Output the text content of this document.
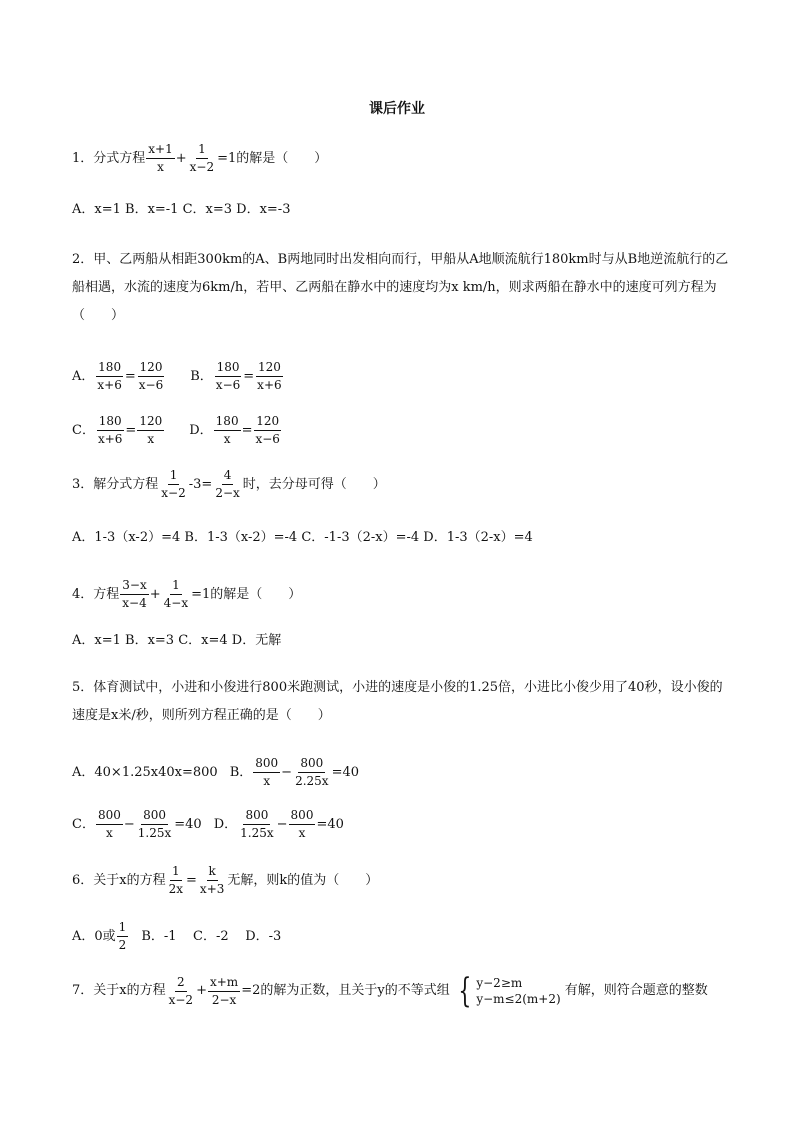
课后作业
1．分式方程 $\frac{x+1}{x} + \frac{1}{x-2} =1$的解是（　　）
A．x=1 B．x=-1 C．x=3 D．x=-3
2．甲、乙两船从相距300km的A、B两地同时出发相向而行，甲船从A地顺流航行180km时与从B地逆流航行的乙船相遇，水流的速度为6km/h，若甲、乙两船在静水中的速度均为x km/h，则求两船在静水中的速度可列方程为（　　）
A． $\frac{180}{x+6} = \frac{120}{x-6}$ B． $\frac{180}{x-6} = \frac{120}{x+6}$
C． $\frac{180}{x+6} = \frac{120}{x}$ D． $\frac{180}{x} = \frac{120}{x-6}$
3．解分式方程 $\frac{1}{x-2} -3= \frac{4}{2-x}$ 时，去分母可得（　　）
A．1-3（x-2）=4 B．1-3（x-2）=-4 C．-1-3（2-x）=-4 D．1-3（2-x）=4
4．方程 $\frac{3-x}{x-4} + \frac{1}{4-x} =1$的解是（　　）
A．x=1 B．x=3 C．x=4 D．无解
5．体育测试中，小进和小俊进行800米跑测试，小进的速度是小俊的1.25倍，小进比小俊少用了40秒，设小俊的速度是x米/秒，则所列方程正确的是（　　）
A．40×1.25x40x=800 B． $\frac{800}{x} - \frac{800}{2.25x} =40$
C． $\frac{800}{x} - \frac{800}{1.25x} =40$ D． $\frac{800}{1.25x} - \frac{800}{x} =40$
6．关于x的方程 $\frac{1}{2x} = \frac{k}{x+3}$ 无解，则k的值为（　　）
A．0或 $\frac{1}{2}$ B．-1    C．-2    D．-3
7．关于x的方程 $\frac{2}{x-2} + \frac{x+m}{2-x} =2$的解为正数，且关于y的不等式组 { y−2≥m
y−m≤2(m+2)
有解，则符合题意的整数
